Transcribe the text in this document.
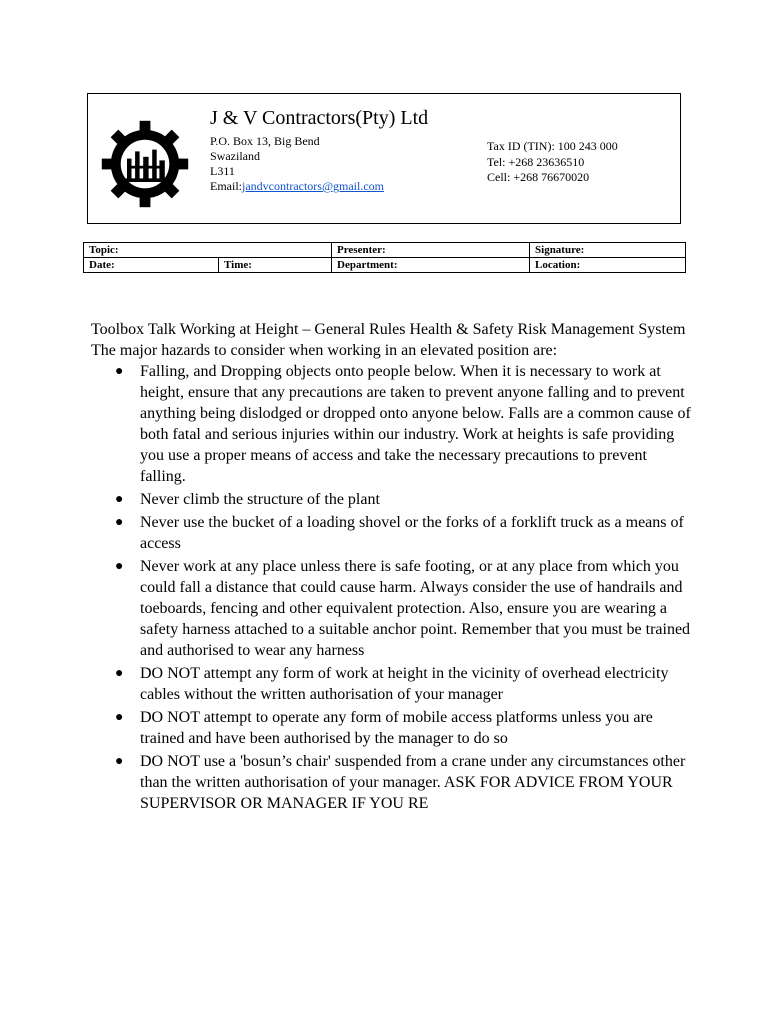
J & V Contractors(Pty) Ltd
P.O. Box 13, Big Bend
Swaziland
L311
Email:jandvcontractors@gmail.com
Tax ID (TIN): 100 243 000
Tel: +268 23636510
Cell: +268 76670020
Topic:		Presenter:	Signature:
Date:	Time:	Department:	Location:

Toolbox Talk Working at Height – General Rules Health & Safety Risk Management System The major hazards to consider when working in an elevated position are:

● Falling, and Dropping objects onto people below. When it is necessary to work at height, ensure that any precautions are taken to prevent anyone falling and to prevent anything being dislodged or dropped onto anyone below. Falls are a common cause of both fatal and serious injuries within our industry. Work at heights is safe providing you use a proper means of access and take the necessary precautions to prevent falling.
● Never climb the structure of the plant
● Never use the bucket of a loading shovel or the forks of a forklift truck as a means of access
● Never work at any place unless there is safe footing, or at any place from which you could fall a distance that could cause harm. Always consider the use of handrails and toeboards, fencing and other equivalent protection. Also, ensure you are wearing a safety harness attached to a suitable anchor point. Remember that you must be trained and authorised to wear any harness
● DO NOT attempt any form of work at height in the vicinity of overhead electricity cables without the written authorisation of your manager
● DO NOT attempt to operate any form of mobile access platforms unless you are trained and have been authorised by the manager to do so
● DO NOT use a 'bosun’s chair' suspended from a crane under any circumstances other than the written authorisation of your manager. ASK FOR ADVICE FROM YOUR SUPERVISOR OR MANAGER IF YOU RE
